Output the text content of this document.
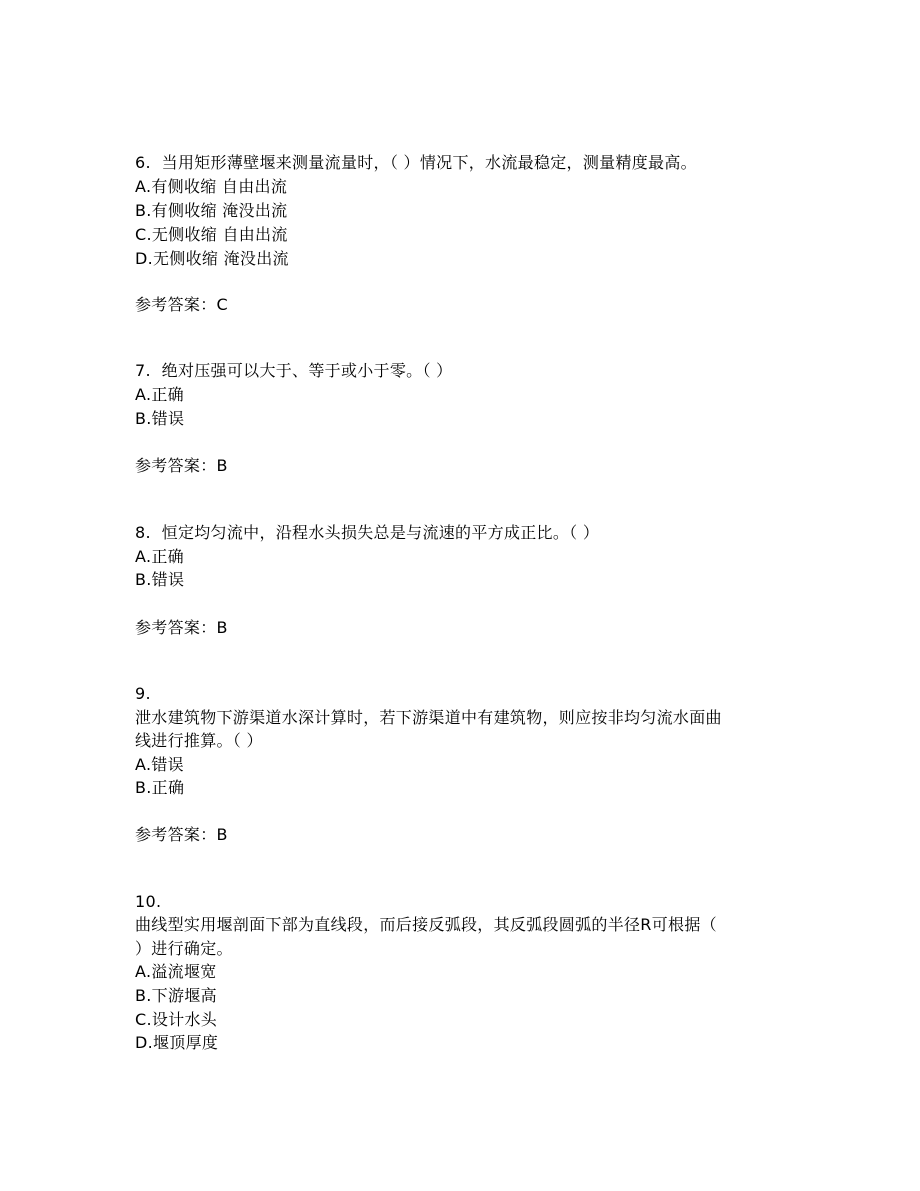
6. 当用矩形薄壁堰来测量流量时，（ ）情况下，水流最稳定，测量精度最高。
A.有侧收缩 自由出流
B.有侧收缩 淹没出流
C.无侧收缩 自由出流
D.无侧收缩 淹没出流
参考答案：C
7. 绝对压强可以大于、等于或小于零。（ ）
A.正确
B.错误
参考答案：B
8. 恒定均匀流中，沿程水头损失总是与流速的平方成正比。（ ）
A.正确
B.错误
参考答案：B
9.
泄水建筑物下游渠道水深计算时，若下游渠道中有建筑物，则应按非均匀流水面曲
线进行推算。（ ）
A.错误
B.正确
参考答案：B
10.
曲线型实用堰剖面下部为直线段，而后接反弧段，其反弧段圆弧的半径R可根据（
）进行确定。
A.溢流堰宽
B.下游堰高
C.设计水头
D.堰顶厚度
